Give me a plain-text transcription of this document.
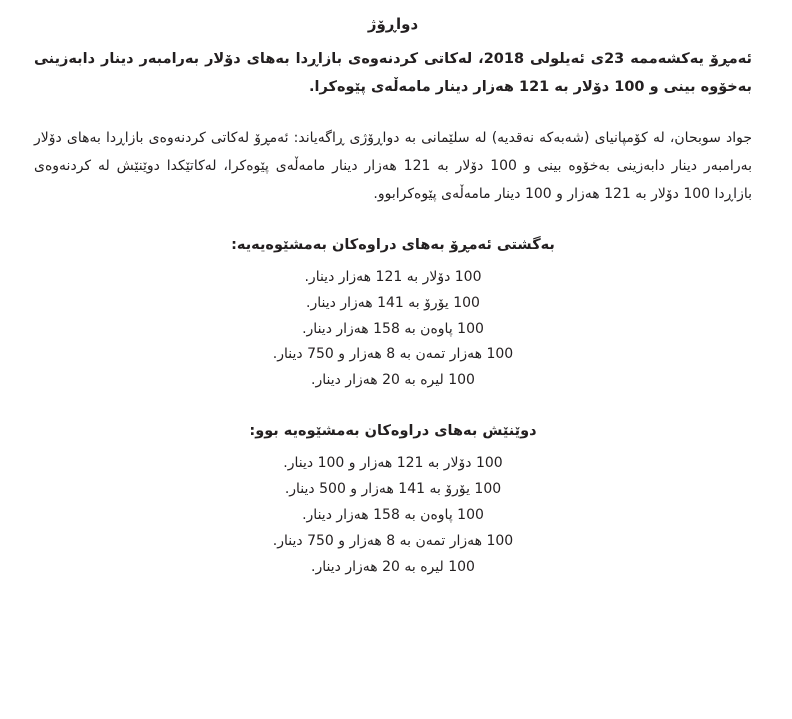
دواڕۆژ

ئەمڕۆ یەکشەممە 23ی ئەیلولی 2018، لەکاتی کردنەوەی بازاڕدا بەهای دۆلار بەرامبەر دینار دابەزینی بەخۆوە بینی و 100 دۆلار به 121 هەزار دینار مامەڵەی پێوەکرا.

جواد سوبحان، لە کۆمپانیای (شەبەکە نەقدیە) لە سلێمانی بە دواڕۆژی ڕاگەیاند: ئەمڕۆ لەکاتی کردنەوەی بازاڕدا بەهای دۆلار بەرامبەر دینار دابەزینی بەخۆوە بینی و 100 دۆلار به 121 هەزار دینار مامەڵەی پێوەکرا، لەکاتێکدا دوێنێش لە کردنەوەی بازاڕدا 100 دۆلار به 121 هەزار و 100 دینار مامەڵەی پێوەکرابوو.

بەگشتی ئەمڕۆ بەهای دراوەکان بەمشێوەیەیە:
100 دۆلار به 121 هەزار دینار.
100 یۆرۆ به 141 هەزار دینار.
100 پاوەن به 158 هەزار دینار.
100 هەزار تمەن به 8 هەزار و 750 دینار.
100 لیره به 20 هەزار دینار.
دوێنێش بەهای دراوەکان بەمشێوەیە بوو:
100 دۆلار به 121 هەزار و 100 دینار.
100 یۆرۆ به 141 هەزار و 500 دینار.
100 پاوەن به 158 هەزار دینار.
100 هەزار تمەن به 8 هەزار و 750 دینار.
100 لیره به 20 هەزار دینار.
